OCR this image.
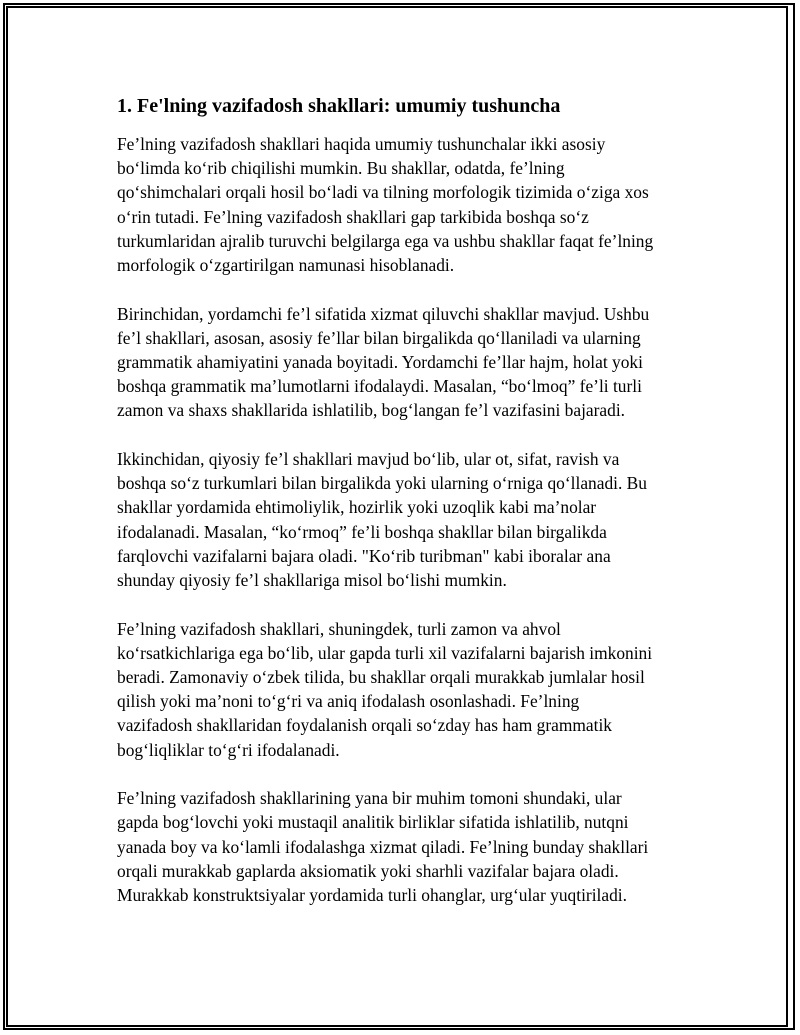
1. Fe'lning vazifadosh shakllari: umumiy tushuncha
Fe’lning vazifadosh shakllari haqida umumiy tushunchalar ikki asosiy
bo‘limda ko‘rib chiqilishi mumkin. Bu shakllar, odatda, fe’lning
qo‘shimchalari orqali hosil bo‘ladi va tilning morfologik tizimida o‘ziga xos
o‘rin tutadi. Fe’lning vazifadosh shakllari gap tarkibida boshqa so‘z
turkumlaridan ajralib turuvchi belgilarga ega va ushbu shakllar faqat fe’lning
morfologik o‘zgartirilgan namunasi hisoblanadi.
Birinchidan, yordamchi fe’l sifatida xizmat qiluvchi shakllar mavjud. Ushbu
fe’l shakllari, asosan, asosiy fe’llar bilan birgalikda qo‘llaniladi va ularning
grammatik ahamiyatini yanada boyitadi. Yordamchi fe’llar hajm, holat yoki
boshqa grammatik ma’lumotlarni ifodalaydi. Masalan, “bo‘lmoq” fe’li turli
zamon va shaxs shakllarida ishlatilib, bog‘langan fe’l vazifasini bajaradi.
Ikkinchidan, qiyosiy fe’l shakllari mavjud bo‘lib, ular ot, sifat, ravish va
boshqa so‘z turkumlari bilan birgalikda yoki ularning o‘rniga qo‘llanadi. Bu
shakllar yordamida ehtimoliylik, hozirlik yoki uzoqlik kabi ma’nolar
ifodalanadi. Masalan, “ko‘rmoq” fe’li boshqa shakllar bilan birgalikda
farqlovchi vazifalarni bajara oladi. "Ko‘rib turibman" kabi iboralar ana
shunday qiyosiy fe’l shakllariga misol bo‘lishi mumkin.
Fe’lning vazifadosh shakllari, shuningdek, turli zamon va ahvol
ko‘rsatkichlariga ega bo‘lib, ular gapda turli xil vazifalarni bajarish imkonini
beradi. Zamonaviy o‘zbek tilida, bu shakllar orqali murakkab jumlalar hosil
qilish yoki ma’noni to‘g‘ri va aniq ifodalash osonlashadi. Fe’lning
vazifadosh shakllaridan foydalanish orqali so‘zday has ham grammatik
bog‘liqliklar to‘g‘ri ifodalanadi.
Fe’lning vazifadosh shakllarining yana bir muhim tomoni shundaki, ular
gapda bog‘lovchi yoki mustaqil analitik birliklar sifatida ishlatilib, nutqni
yanada boy va ko‘lamli ifodalashga xizmat qiladi. Fe’lning bunday shakllari
orqali murakkab gaplarda aksiomatik yoki sharhli vazifalar bajara oladi.
Murakkab konstruktsiyalar yordamida turli ohanglar, urg‘ular yuqtiriladi.
